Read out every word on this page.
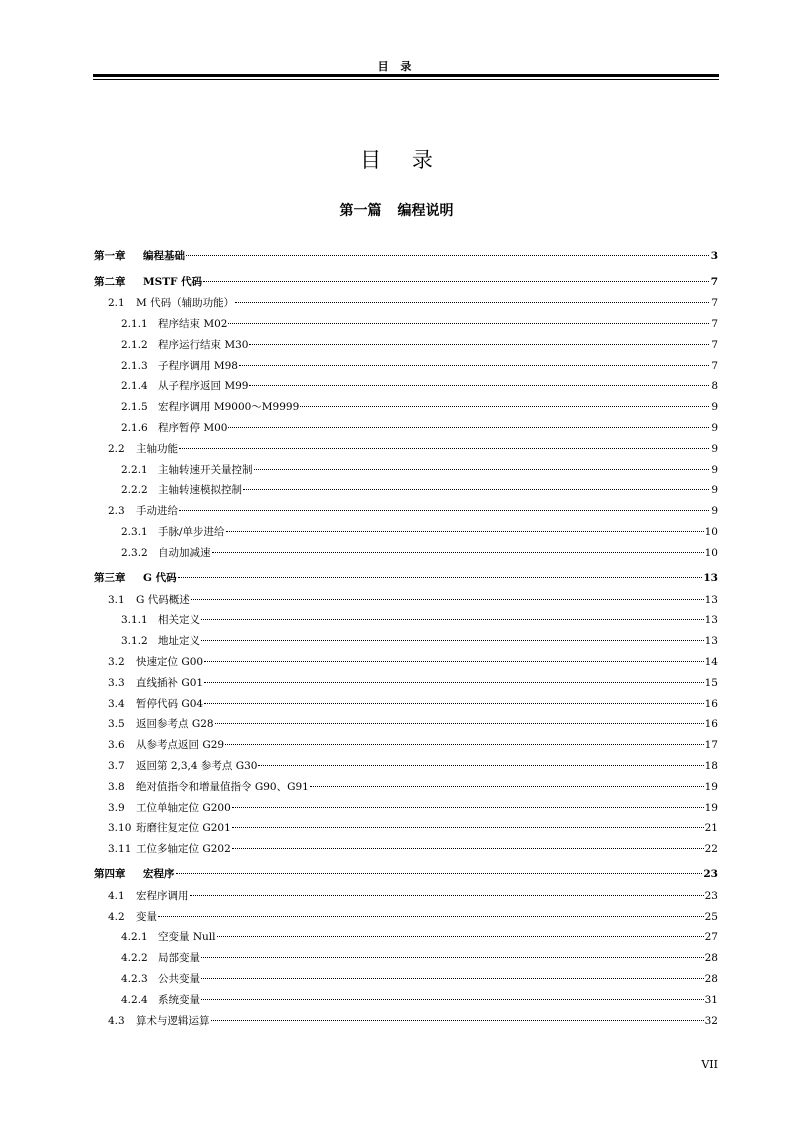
目 录
目 录
第一篇 编程说明
第一章	编程基础	3
第二章	MSTF 代码	7
2.1	M 代码（辅助功能）	7
2.1.1 程序结束 M02	7
2.1.2 程序运行结束 M30	7
2.1.3 子程序调用 M98	7
2.1.4 从子程序返回 M99	8
2.1.5 宏程序调用 M9000～M9999	9
2.1.6 程序暂停 M00	9
2.2	主轴功能	9
2.2.1 主轴转速开关量控制	9
2.2.2 主轴转速模拟控制	9
2.3	手动进给	9
2.3.1 手脉/单步进给	10
2.3.2 自动加减速	10
第三章	G 代码	13
3.1	G 代码概述	13
3.1.1 相关定义	13
3.1.2 地址定义	13
3.2	快速定位 G00	14
3.3	直线插补 G01	15
3.4	暂停代码 G04	16
3.5	返回参考点 G28	16
3.6	从参考点返回 G29	17
3.7	返回第 2,3,4 参考点 G30	18
3.8	绝对值指令和增量值指令 G90、G91	19
3.9	工位单轴定位 G200	19
3.10 珩磨往复定位 G201	21
3.11 工位多轴定位 G202	22
第四章	宏程序	23
4.1	宏程序调用	23
4.2	变量	25
4.2.1 空变量 Null	27
4.2.2 局部变量	28
4.2.3 公共变量	28
4.2.4 系统变量	31
4.3	算术与逻辑运算	32
VII
